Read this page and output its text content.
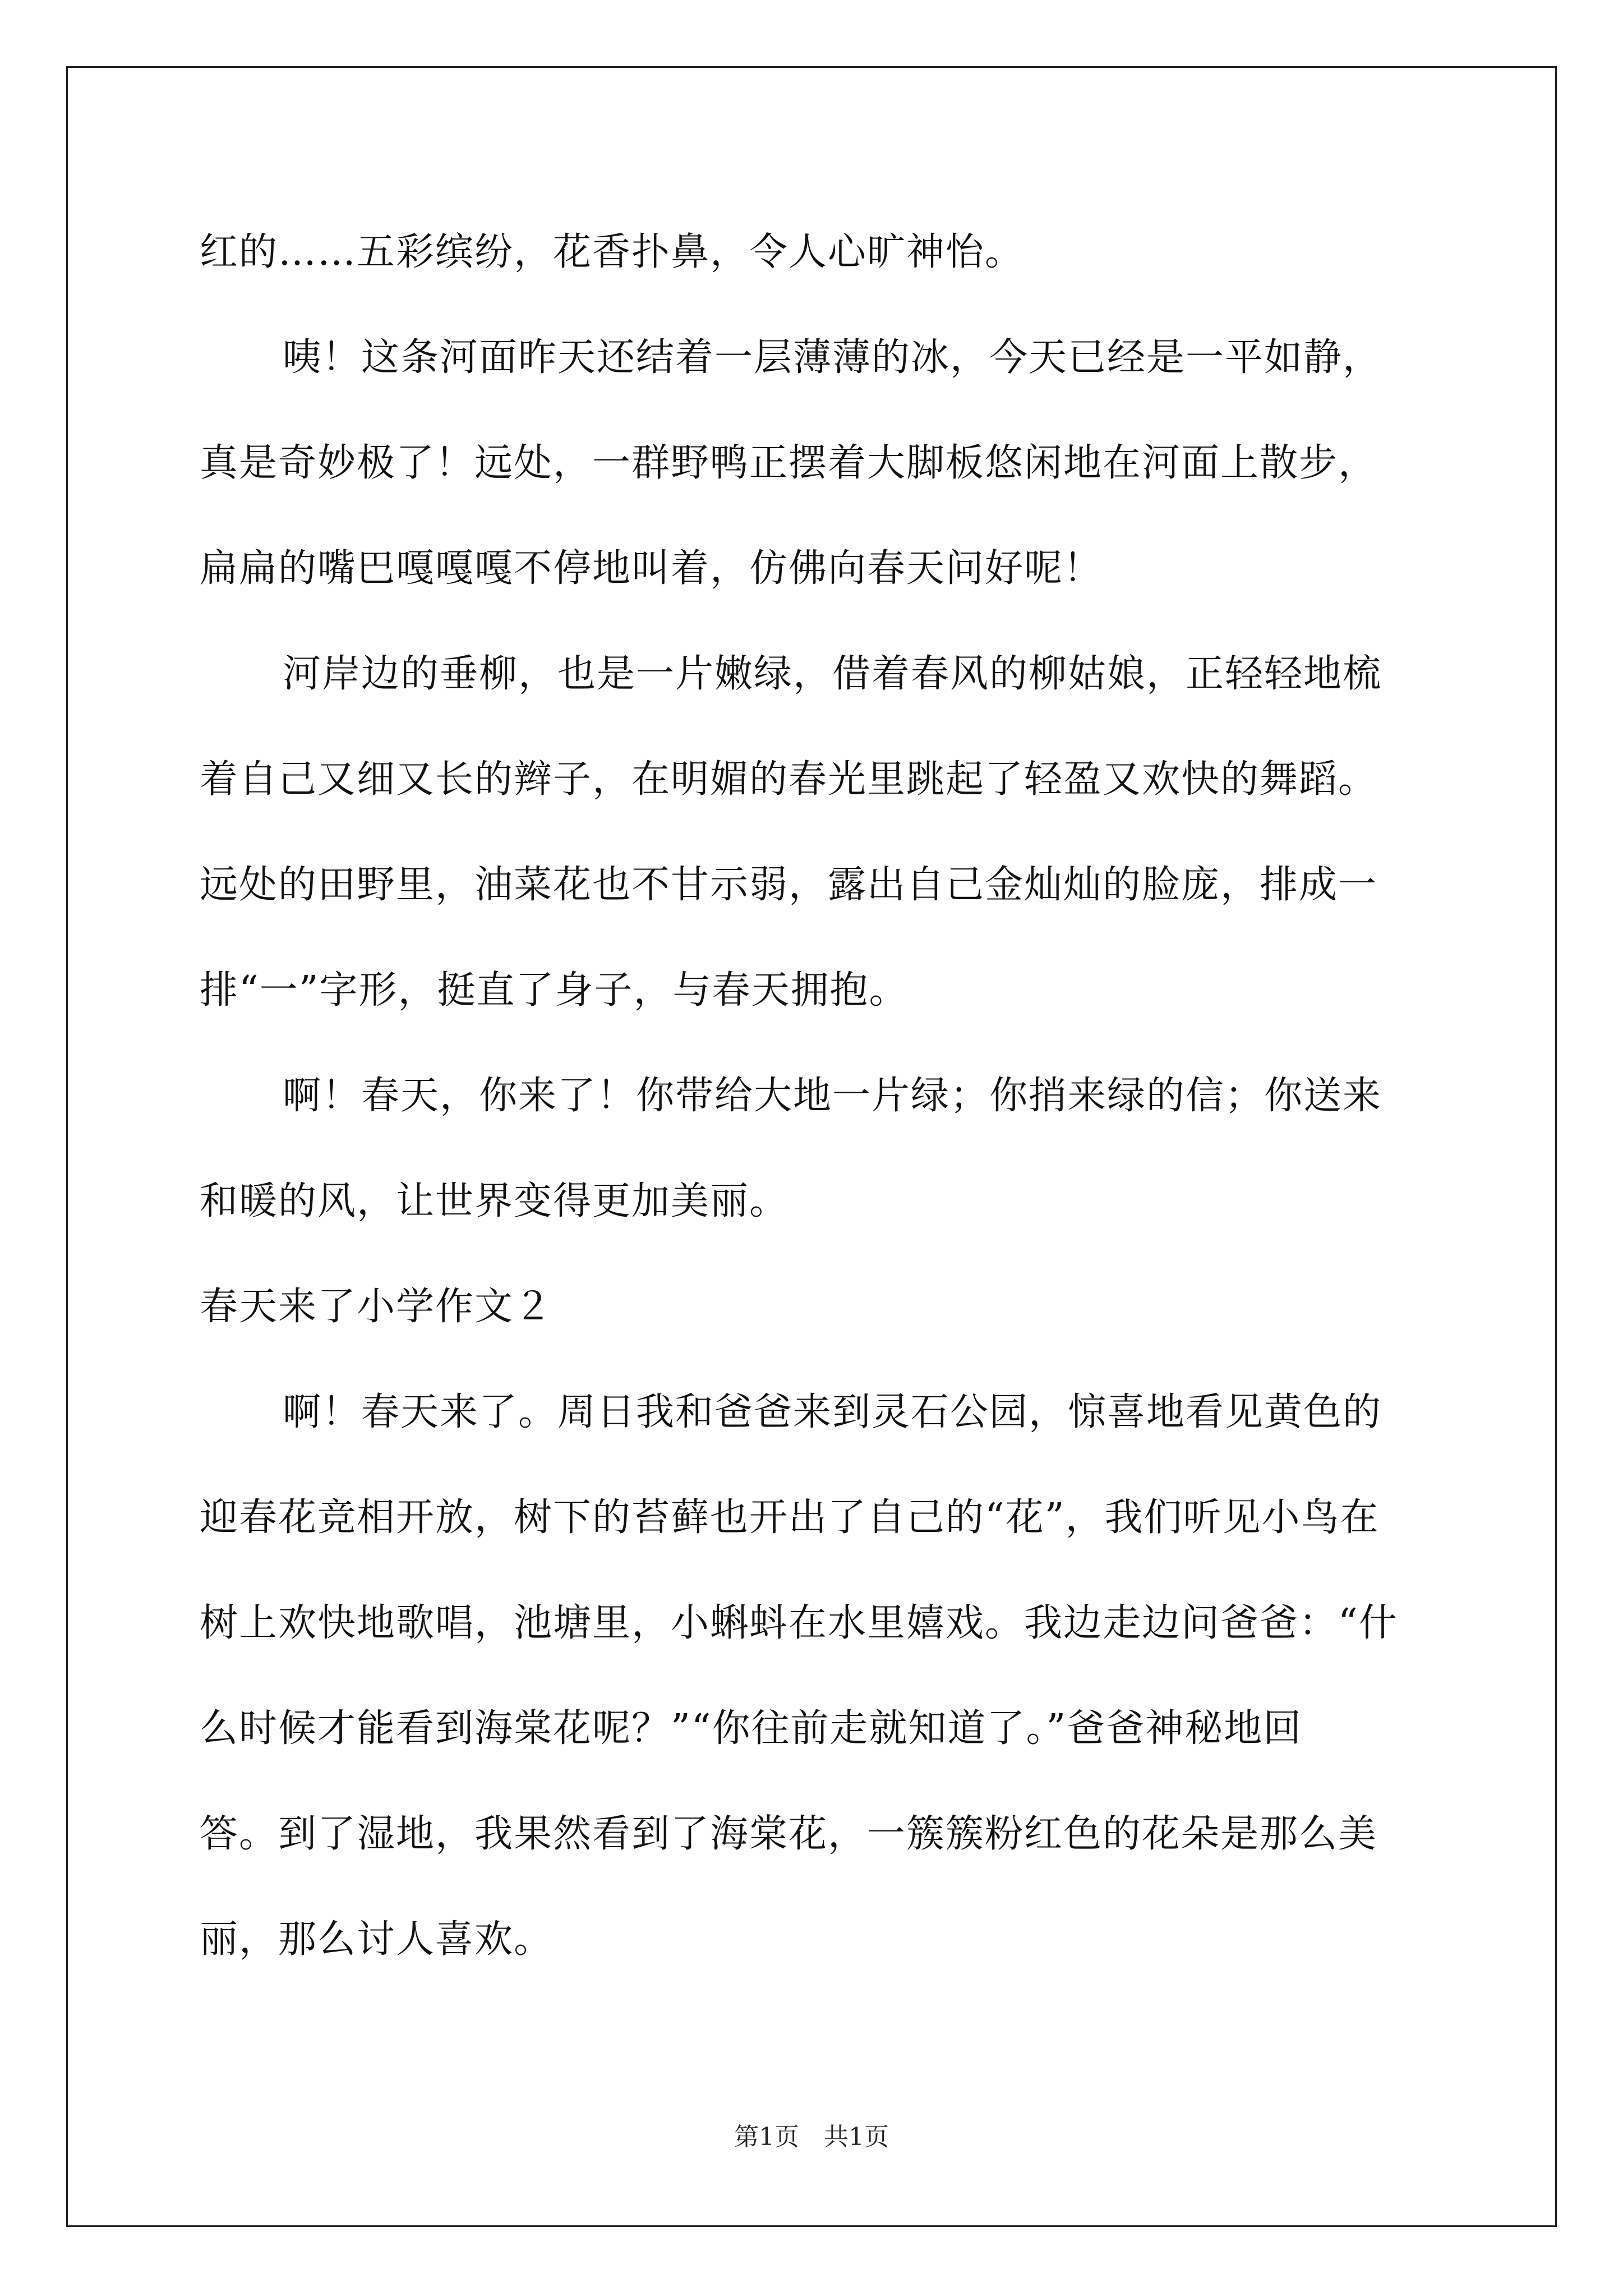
红的……五彩缤纷，花香扑鼻，令人心旷神怡。
咦！这条河面昨天还结着一层薄薄的冰，今天已经是一平如静，
真是奇妙极了！远处，一群野鸭正摆着大脚板悠闲地在河面上散步，
扁扁的嘴巴嘎嘎嘎不停地叫着，仿佛向春天问好呢！
河岸边的垂柳，也是一片嫩绿，借着春风的柳姑娘，正轻轻地梳
着自己又细又长的辫子，在明媚的春光里跳起了轻盈又欢快的舞蹈。
远处的田野里，油菜花也不甘示弱，露出自己金灿灿的脸庞，排成一
排“一”字形，挺直了身子，与春天拥抱。
啊！春天，你来了！你带给大地一片绿；你捎来绿的信；你送来
和暖的风，让世界变得更加美丽。
春天来了小学作文２
啊！春天来了。周日我和爸爸来到灵石公园，惊喜地看见黄色的
迎春花竞相开放，树下的苔藓也开出了自己的“花”，我们听见小鸟在
树上欢快地歌唱，池塘里，小蝌蚪在水里嬉戏。我边走边问爸爸：“什
么时候才能看到海棠花呢？”“你往前走就知道了。”爸爸神秘地回
答。到了湿地，我果然看到了海棠花，一簇簇粉红色的花朵是那么美
丽，那么讨人喜欢。
第1页　共1页
